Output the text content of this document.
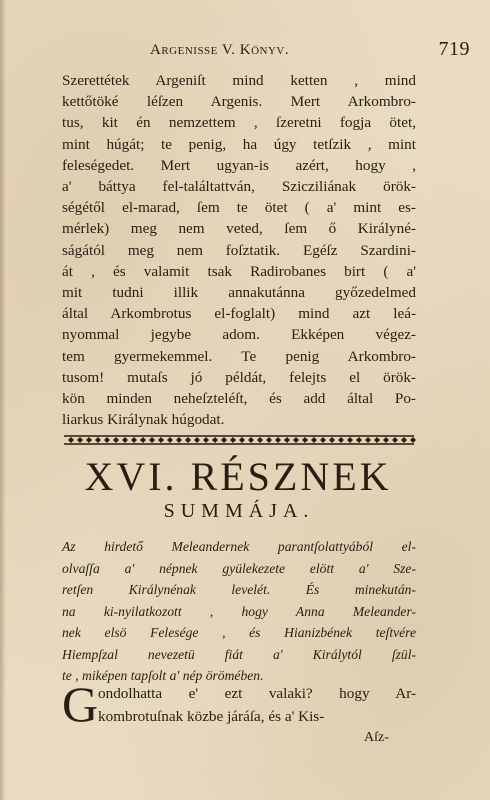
Argenisse V. Könyv.	719
Szerettétek Argeniſt mind ketten , mind
kettőtöké léſzen Argenis. Mert Arkombro-
tus, kit én nemzettem , ſzeretni fogja ötet,
mint húgát; te penig, ha úgy tetſzik , mint
feleségedet. Mert ugyan-is azért, hogy ,
a' báttya fel-találtattván, Szicziliának örök-
ségétől el-marad, ſem te ötet ( a' mint es-
mérlek) meg nem veted, ſem ő Királyné-
ságától meg nem foſztatik. Egéſz Szardini-
át , és valamit tsak Radirobanes birt ( a'
mit tudni illik annakutánna győzedelmed
által Arkombrotus el-foglalt) mind azt leá-
nyommal jegybe adom. Ekképen végez-
tem gyermekemmel. Te penig Arkombro-
tusom! mutaſs jó példát, felejts el örök-
kön minden neheſzteléſt, és add által Po-
liarkus Királynak húgodat.
XVI. RÉSZNEK
SUMMÁJA.
Az hirdető Meleandernek parantſolattyából el-
olvaſſa a' népnek gyülekezete elött a' Sze-
retſen Királynénak levelét. És minekután-
na ki-nyilatkozott , hogy Anna Meleander-
nek elsö Feleségе , és Hianizbének teſtvére
Hiempſzal nevezetü fiát a' Királytól ſzül-
te , miképen tapſolt a' nép örömében.
G ondolhatta e' ezt valaki? hogy Ar-
kombrotuſnak közbe járáſa, és a' Kis-
Aſz-
